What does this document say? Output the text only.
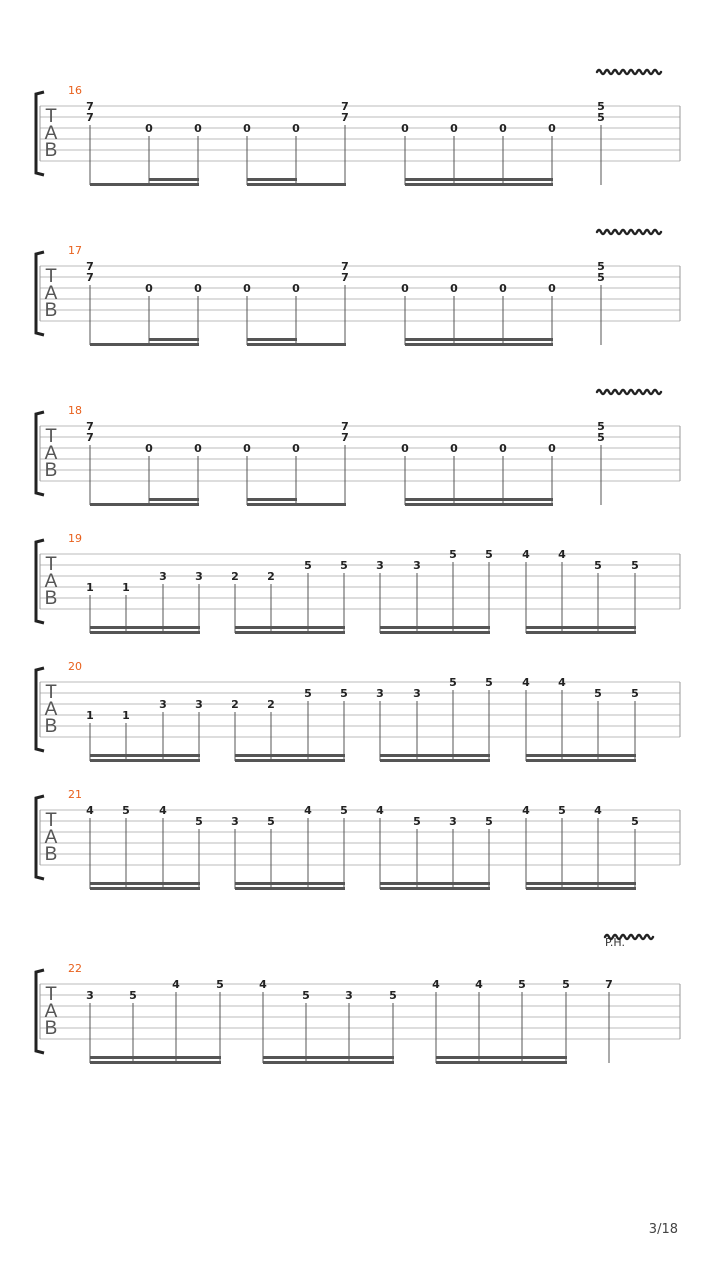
T
A
B
16
7
7
0	0	0	0
7
7
0	0	0	0
5
5
T
A
B
17
7
7
0	0	0	0
7
7
0	0	0	0
5
5
T
A
B
18
7
7
0	0	0	0
7
7
0	0	0	0
5
5
T
A
B
19
1	1
3	3	2	2
5	5	3	3
5	5	4	4
5	5
T
A
B
20
1	1
3	3	2	2
5	5	3	3
5	5	4	4
5	5
T
A
B
21
4	5	4
5	3	5
4	5	4
5	3	5
4	5	4
5
T
A
B
22
3	5
4	5	4
5	3	5
4	4	5	5	7
P.H.
3/18
